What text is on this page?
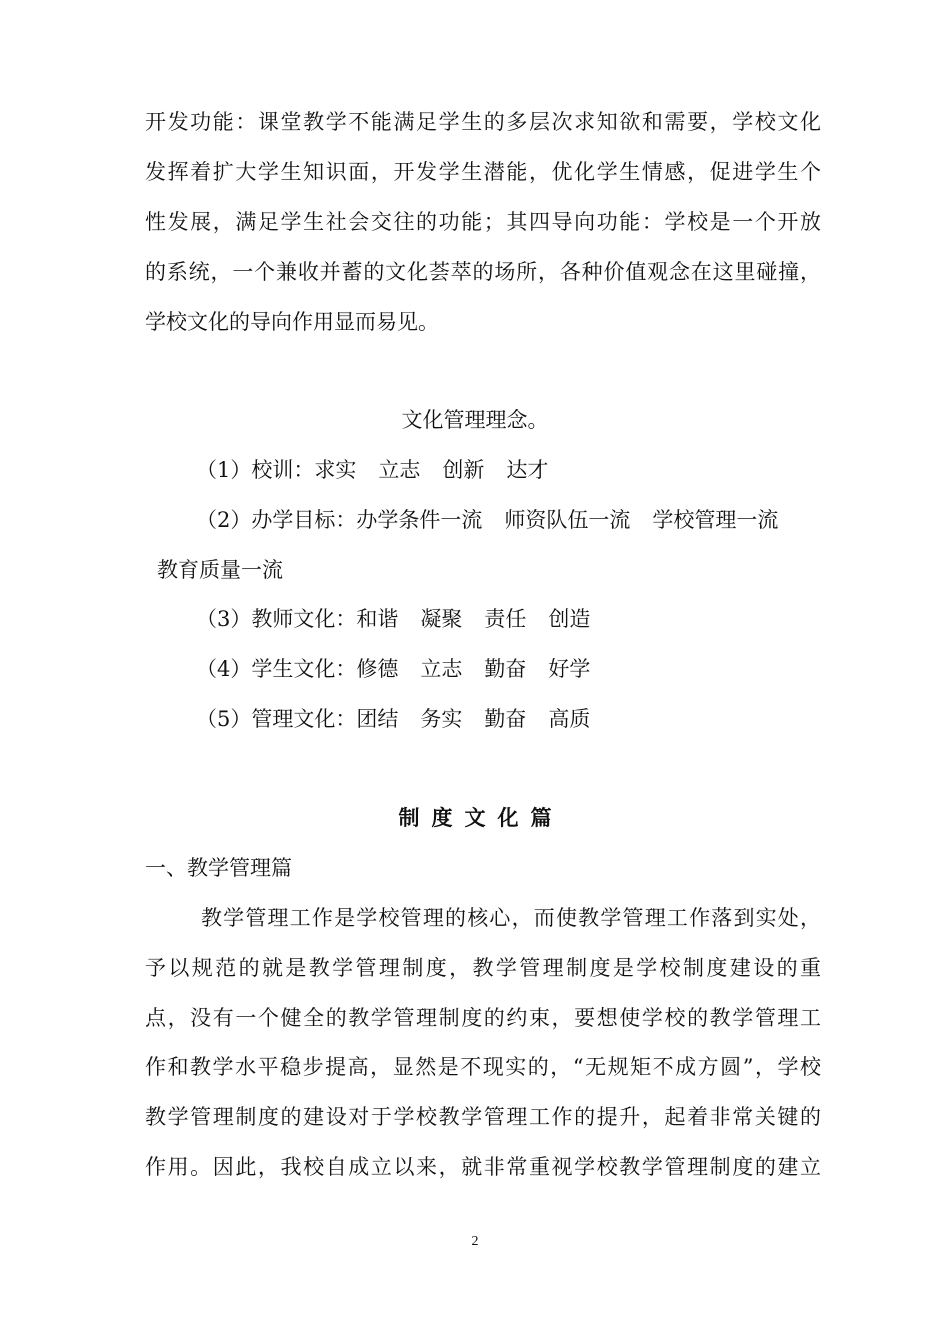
开发功能：课堂教学不能满足学生的多层次求知欲和需要，学校文化

发挥着扩大学生知识面，开发学生潜能，优化学生情感，促进学生个

性发展，满足学生社会交往的功能；其四导向功能：学校是一个开放

的系统，一个兼收并蓄的文化荟萃的场所，各种价值观念在这里碰撞，

学校文化的导向作用显而易见。

文化管理理念。

（1）校训：求实 立志 创新 达才

（2）办学目标：办学条件一流 师资队伍一流 学校管理一流

教育质量一流

（3）教师文化：和谐 凝聚 责任 创造

（4）学生文化：修德 立志 勤奋 好学

（5）管理文化：团结 务实 勤奋 高质

制度文化篇

一、教学管理篇

教学管理工作是学校管理的核心，而使教学管理工作落到实处，

予以规范的就是教学管理制度，教学管理制度是学校制度建设的重

点，没有一个健全的教学管理制度的约束，要想使学校的教学管理工

作和教学水平稳步提高，显然是不现实的，“无规矩不成方圆”，学校

教学管理制度的建设对于学校教学管理工作的提升，起着非常关键的

作用。因此，我校自成立以来，就非常重视学校教学管理制度的建立

2
